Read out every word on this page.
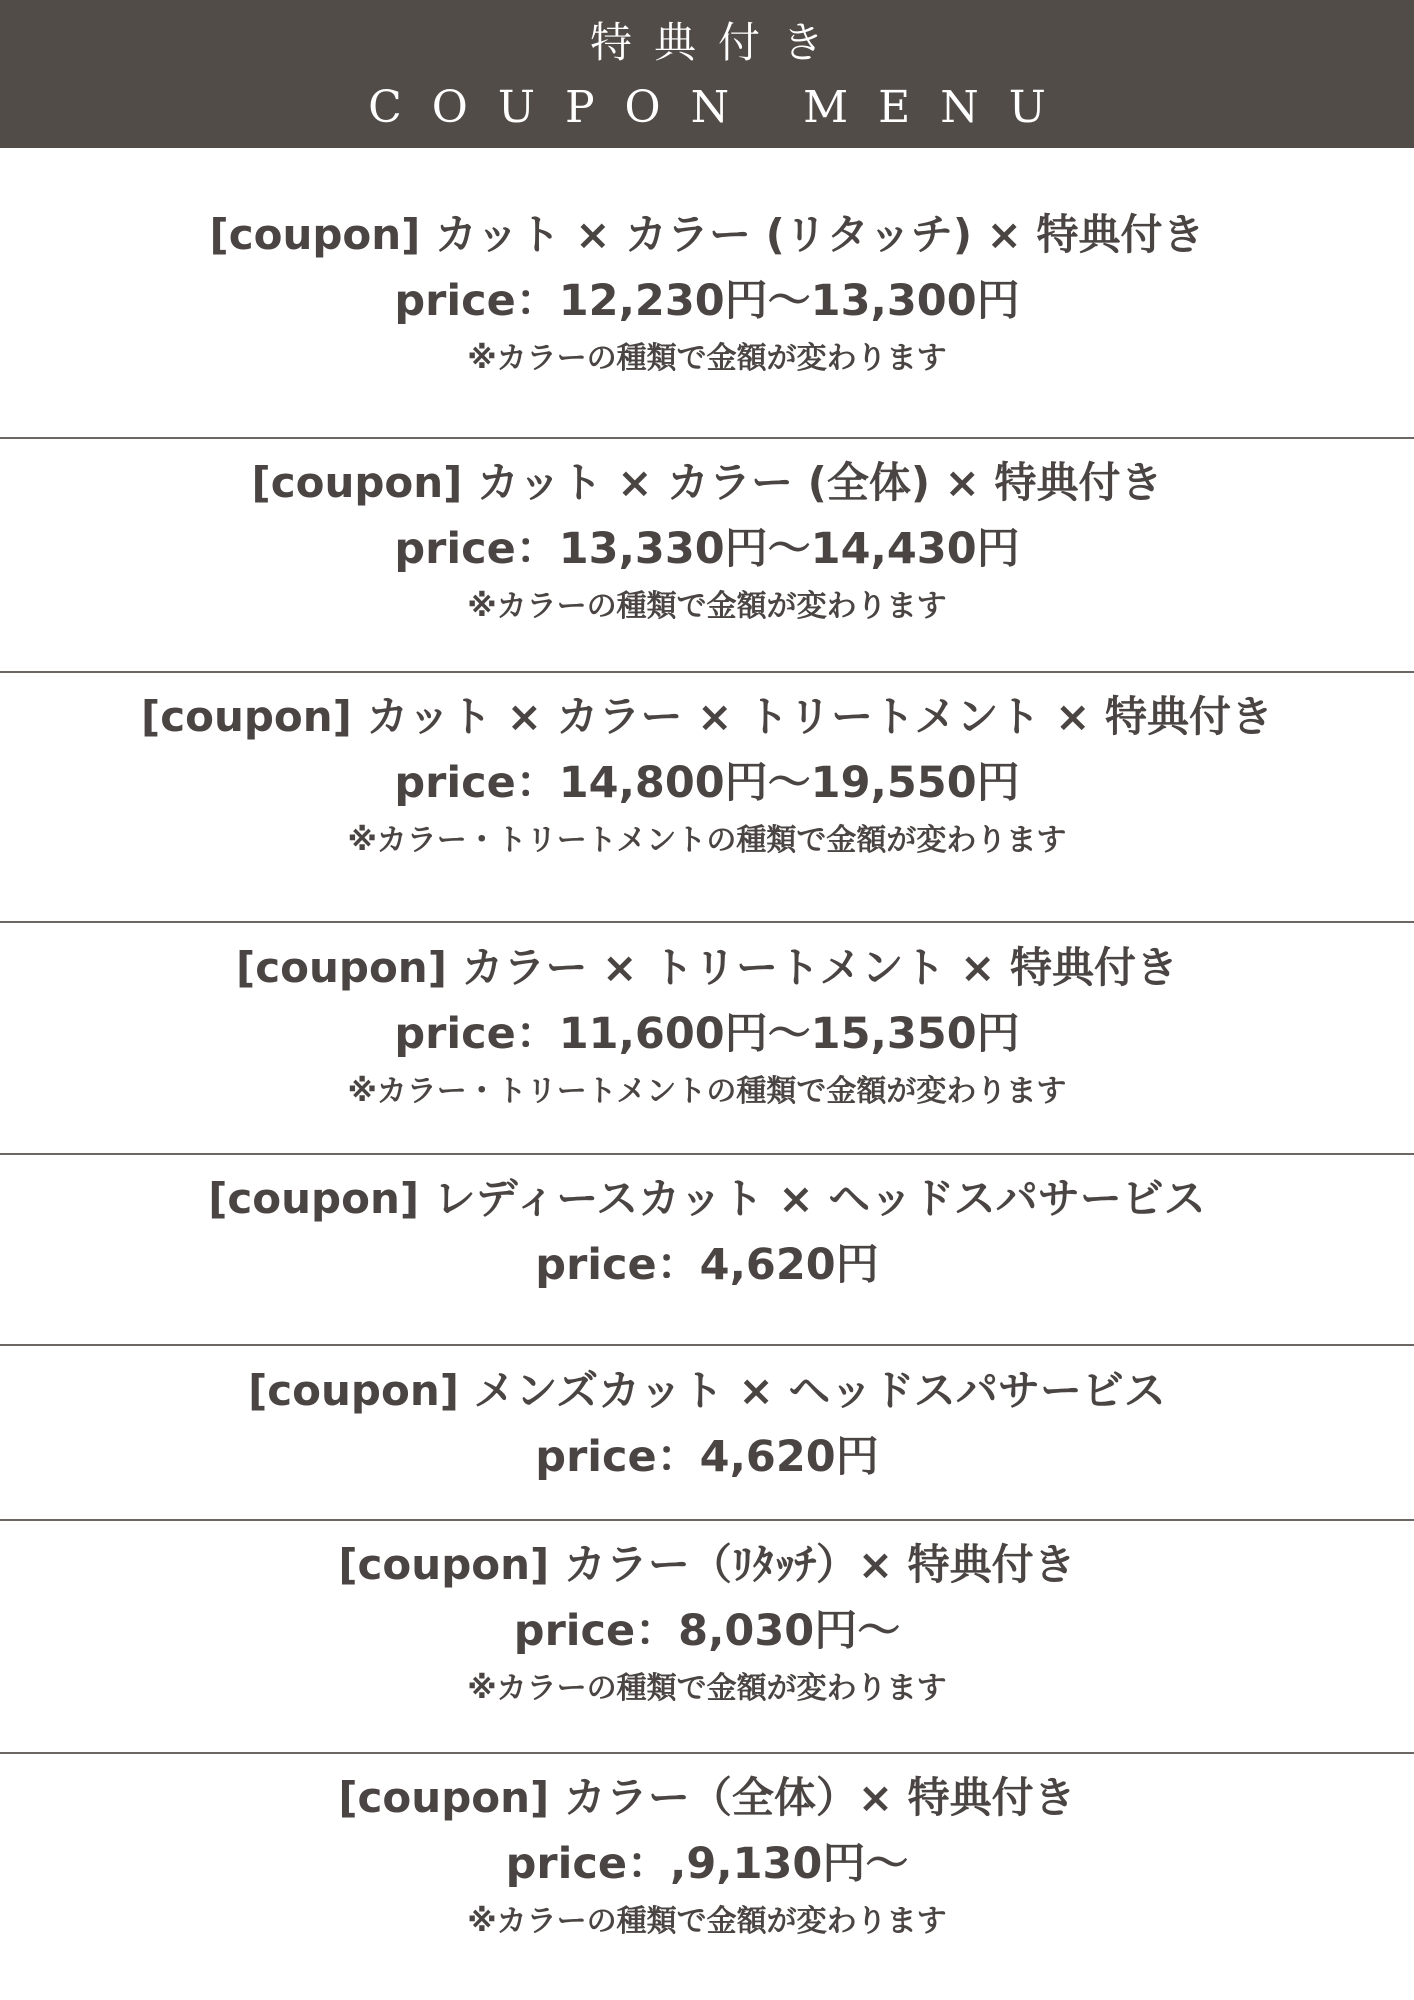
特典付き
COUPON MENU
[coupon] カット × カラー (リタッチ) × 特典付き
price：12,230円〜13,300円
※カラーの種類で金額が変わります
[coupon] カット × カラー (全体) × 特典付き
price：13,330円〜14,430円
※カラーの種類で金額が変わります
[coupon] カット × カラー × トリートメント × 特典付き
price：14,800円〜19,550円
※カラー・トリートメントの種類で金額が変わります
[coupon] カラー × トリートメント × 特典付き
price：11,600円〜15,350円
※カラー・トリートメントの種類で金額が変わります
[coupon] レディースカット × ヘッドスパサービス
price：4,620円
[coupon] メンズカット × ヘッドスパサービス
price：4,620円
[coupon] カラー（ﾘﾀｯﾁ）× 特典付き
price：8,030円〜
※カラーの種類で金額が変わります
[coupon] カラー（全体）× 特典付き
price：,9,130円〜
※カラーの種類で金額が変わります
